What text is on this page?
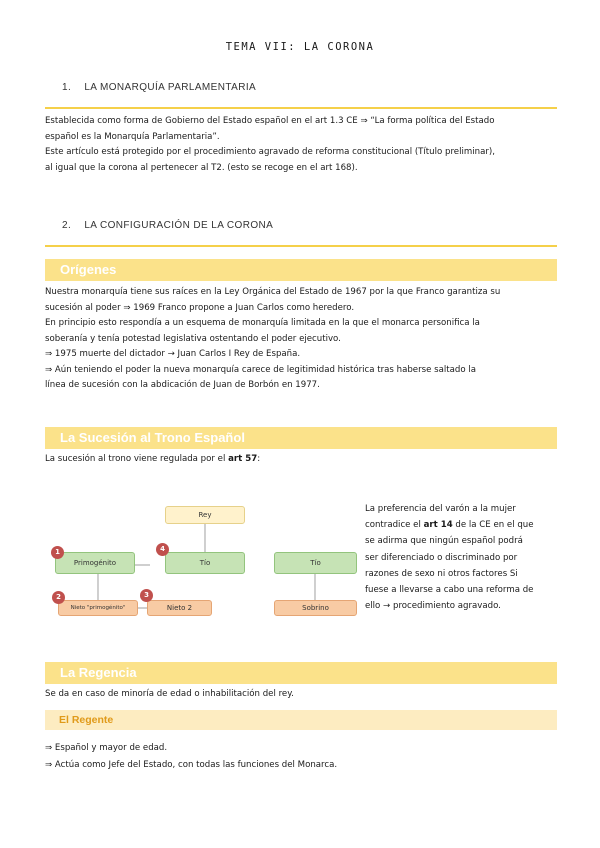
TEMA VII: LA CORONA
1. LA MONARQUÍA PARLAMENTARIA
Establecida como forma de Gobierno del Estado español en el art 1.3 CE ⇒ “La forma política del Estado
español es la Monarquía Parlamentaria”.
Este artículo está protegido por el procedimiento agravado de reforma constitucional (Título preliminar),
al igual que la corona al pertenecer al T2. (esto se recoge en el art 168).
2. LA CONFIGURACIÓN DE LA CORONA
Orígenes
Nuestra monarquía tiene sus raíces en la Ley Orgánica del Estado de 1967 por la que Franco garantiza su
sucesión al poder ⇒ 1969 Franco propone a Juan Carlos como heredero.
En principio esto respondía a un esquema de monarquía limitada en la que el monarca personifica la
soberanía y tenía potestad legislativa ostentando el poder ejecutivo.
⇒ 1975 muerte del dictador → Juan Carlos I Rey de España.
⇒ Aún teniendo el poder la nueva monarquía carece de legitimidad histórica tras haberse saltado la
línea de sucesión con la abdicación de Juan de Borbón en 1977.
La Sucesión al Trono Español
La sucesión al trono viene regulada por el art 57:
Rey
Primogénito	Tío	Tío
Nieto "primogénito"	Nieto 2	Sobrino
1
2	3
4
La preferencia del varón a la mujer
contradice el art 14 de la CE en el que
se adirma que ningún español podrá
ser diferenciado o discriminado por
razones de sexo ni otros factores Si
fuese a llevarse a cabo una reforma de
ello → procedimiento agravado.
La Regencia
Se da en caso de minoría de edad o inhabilitación del rey.
El Regente
⇒ Español y mayor de edad.
⇒ Actúa como Jefe del Estado, con todas las funciones del Monarca.
